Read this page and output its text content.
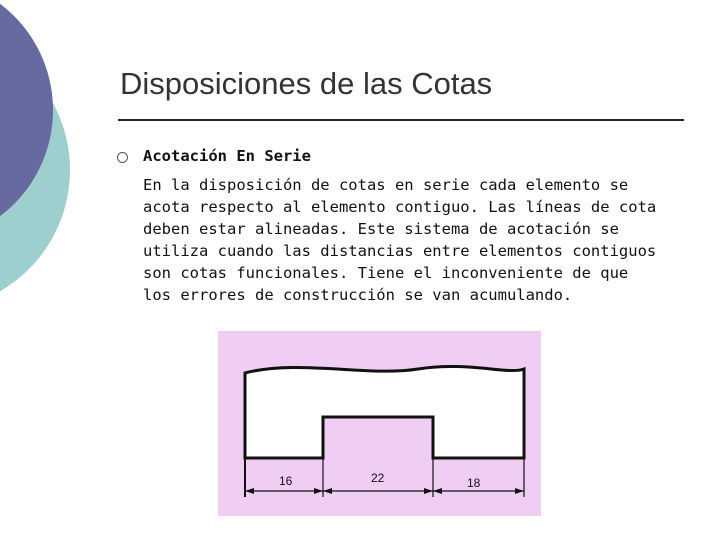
Disposiciones de las Cotas
Acotación En Serie
En la disposición de cotas en serie cada elemento se
acota respecto al elemento contiguo. Las líneas de cota
deben estar alineadas. Este sistema de acotación se
utiliza cuando las distancias entre elementos contiguos
son cotas funcionales. Tiene el inconveniente de que
los errores de construcción se van acumulando.
16	22	18
